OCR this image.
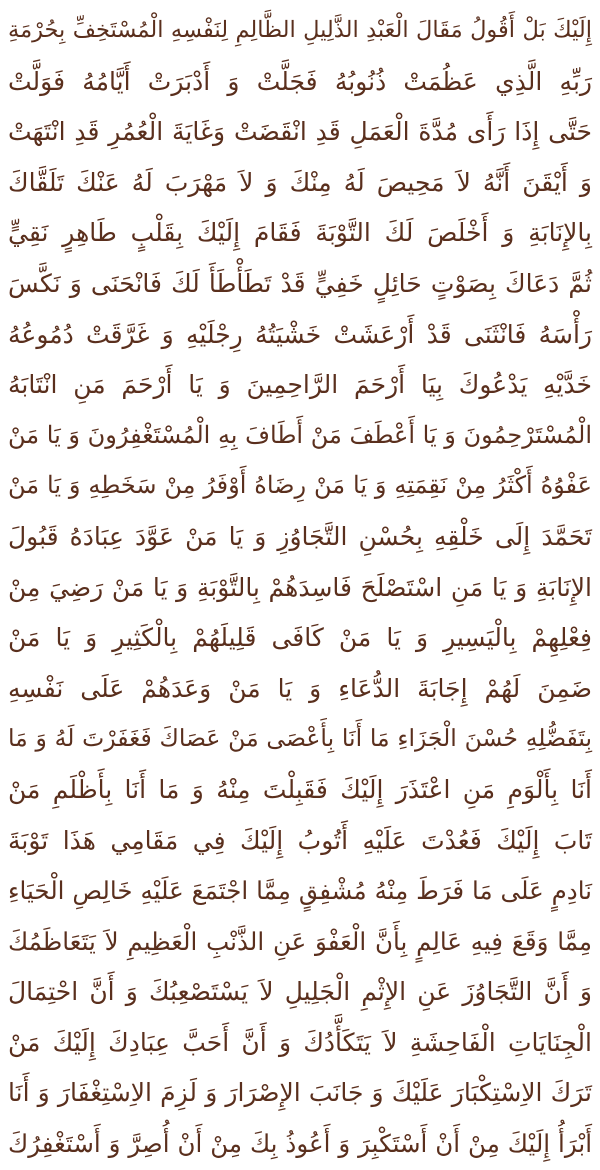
إِلَيْكَ بَلْ أَقُولُ مَقَالَ الْعَبْدِ الذَّلِيلِ الظَّالِمِ لِنَفْسِهِ الْمُسْتَخِفِّ بِحُرْمَةِ
رَبِّهِ الَّذِي عَظُمَتْ ذُنُوبُهُ فَجَلَّتْ وَ أَدْبَرَتْ أَيَّامُهُ فَوَلَّتْ
حَتَّى إِذَا رَأَى مُدَّةَ الْعَمَلِ قَدِ انْقَضَتْ وَغَايَةَ الْعُمُرِ قَدِ انْتَهَتْ
وَ أَيْقَنَ أَنَّهُ لاَ مَحِيصَ لَهُ مِنْكَ وَ لاَ مَهْرَبَ لَهُ عَنْكَ تَلَقَّاكَ
بِالإِنَابَةِ وَ أَخْلَصَ لَكَ التَّوْبَةَ فَقَامَ إِلَيْكَ بِقَلْبٍ طَاهِرٍ نَقِيٍّ
ثُمَّ دَعَاكَ بِصَوْتٍ حَائِلٍ خَفِيٍّ قَدْ تَطَأْطَأَ لَكَ فَانْحَنَى وَ نَكَّسَ
رَأْسَهُ فَانْثَنَى قَدْ أَرْعَشَتْ خَشْيَتُهُ رِجْلَيْهِ وَ غَرَّقَتْ دُمُوعُهُ
خَدَّيْهِ يَدْعُوكَ بِيَا أَرْحَمَ الرَّاحِمِينَ وَ يَا أَرْحَمَ مَنِ انْتَابَهُ
الْمُسْتَرْحِمُونَ وَ يَا أَعْطَفَ مَنْ أَطَافَ بِهِ الْمُسْتَغْفِرُونَ وَ يَا مَنْ
عَفْوُهُ أَكْثَرُ مِنْ نَقِمَتِهِ وَ يَا مَنْ رِضَاهُ أَوْفَرُ مِنْ سَخَطِهِ وَ يَا مَنْ
تَحَمَّدَ إِلَى خَلْقِهِ بِحُسْنِ التَّجَاوُزِ وَ يَا مَنْ عَوَّدَ عِبَادَهُ قَبُولَ
الإِنَابَةِ وَ يَا مَنِ اسْتَصْلَحَ فَاسِدَهُمْ بِالتَّوْبَةِ وَ يَا مَنْ رَضِيَ مِنْ
فِعْلِهِمْ بِالْيَسِيرِ وَ يَا مَنْ كَافَى قَلِيلَهُمْ بِالْكَثِيرِ وَ يَا مَنْ
ضَمِنَ لَهُمْ إِجَابَةَ الدُّعَاءِ وَ يَا مَنْ وَعَدَهُمْ عَلَى نَفْسِهِ
بِتَفَضُّلِهِ حُسْنَ الْجَزَاءِ مَا أَنَا بِأَعْصَى مَنْ عَصَاكَ فَغَفَرْتَ لَهُ وَ مَا
أَنَا بِأَلْوَمِ مَنِ اعْتَذَرَ إِلَيْكَ فَقَبِلْتَ مِنْهُ وَ مَا أَنَا بِأَظْلَمِ مَنْ
تَابَ إِلَيْكَ فَعُدْتَ عَلَيْهِ أَتُوبُ إِلَيْكَ فِي مَقَامِي هَذَا تَوْبَةَ
نَادِمٍ عَلَى مَا فَرَطَ مِنْهُ مُشْفِقٍ مِمَّا اجْتَمَعَ عَلَيْهِ خَالِصِ الْحَيَاءِ
مِمَّا وَقَعَ فِيهِ عَالِمٍ بِأَنَّ الْعَفْوَ عَنِ الذَّنْبِ الْعَظِيمِ لاَ يَتَعَاظَمُكَ
وَ أَنَّ التَّجَاوُزَ عَنِ الإِثْمِ الْجَلِيلِ لاَ يَسْتَصْعِبُكَ وَ أَنَّ احْتِمَالَ
الْجِنَايَاتِ الْفَاحِشَةِ لاَ يَتَكَأَّدُكَ وَ أَنَّ أَحَبَّ عِبَادِكَ إِلَيْكَ مَنْ
تَرَكَ الاِسْتِكْبَارَ عَلَيْكَ وَ جَانَبَ الإِصْرَارَ وَ لَزِمَ الاِسْتِغْفَارَ وَ أَنَا
أَبْرَأُ إِلَيْكَ مِنْ أَنْ أَسْتَكْبِرَ وَ أَعُوذُ بِكَ مِنْ أَنْ أُصِرَّ وَ أَسْتَغْفِرُكَ
